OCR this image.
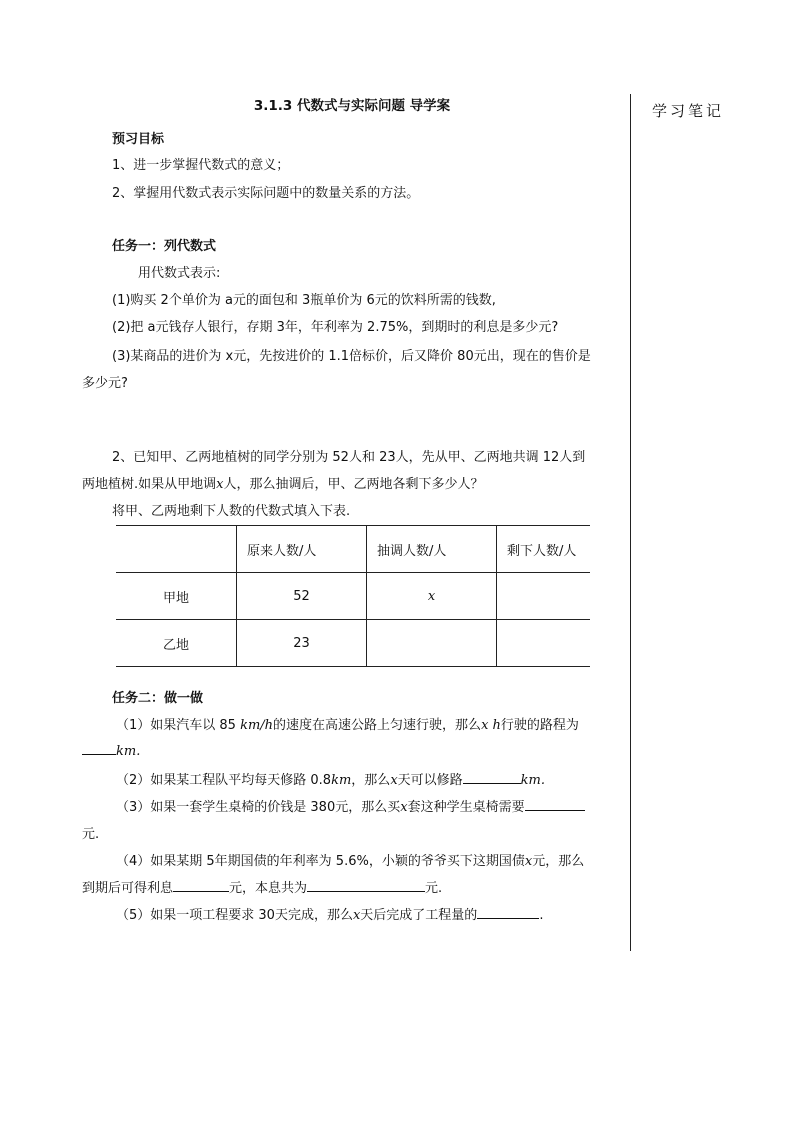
学习笔记
3.1.3 代数式与实际问题 导学案
预习目标
1、进一步掌握代数式的意义；
2、掌握用代数式表示实际问题中的数量关系的方法。
任务一：列代数式
用代数式表示:
(1)购买 2个单价为 a元的面包和 3瓶单价为 6元的饮料所需的钱数,
(2)把 a元钱存人银行，存期 3年，年利率为 2.75%，到期时的利息是多少元?
(3)某商品的进价为 x元，先按进价的 1.1倍标价，后又降价 80元出，现在的售价是
多少元?
2、已知甲、乙两地植树的同学分别为 52人和 23人，先从甲、乙两地共调 12人到
两地植树.如果从甲地调x人，那么抽调后，甲、乙两地各剩下多少人？
将甲、乙两地剩下人数的代数式填入下表.
	原来人数/人	抽调人数/人	剩下人数/人
甲地	52	x	
乙地	23		
任务二：做一做
（1）如果汽车以 85 km/h的速度在高速公路上匀速行驶，那么x h行驶的路程为
km.
（2）如果某工程队平均每天修路 0.8km，那么x天可以修路	km.
（3）如果一套学生桌椅的价钱是 380元，那么买x套这种学生桌椅需要
元.
（4）如果某期 5年期国债的年利率为 5.6%，小颖的爷爷买下这期国债x元，那么
到期后可得利息	元，本息共为	元.
（5）如果一项工程要求 30天完成，那么x天后完成了工程量的	.
